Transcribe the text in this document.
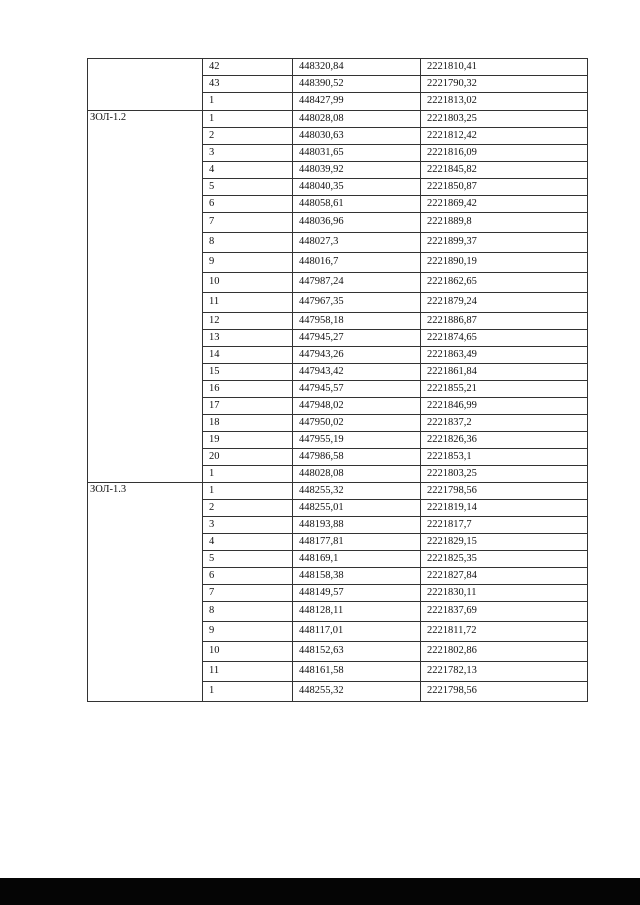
	42	448320,84	2221810,41
	43	448390,52	2221790,32
	1	448427,99	2221813,02
ЗОЛ-1.2	1	448028,08	2221803,25
	2	448030,63	2221812,42
	3	448031,65	2221816,09
	4	448039,92	2221845,82
	5	448040,35	2221850,87
	6	448058,61	2221869,42
	7	448036,96	2221889,8
	8	448027,3	2221899,37
	9	448016,7	2221890,19
	10	447987,24	2221862,65
	11	447967,35	2221879,24
	12	447958,18	2221886,87
	13	447945,27	2221874,65
	14	447943,26	2221863,49
	15	447943,42	2221861,84
	16	447945,57	2221855,21
	17	447948,02	2221846,99
	18	447950,02	2221837,2
	19	447955,19	2221826,36
	20	447986,58	2221853,1
	1	448028,08	2221803,25
ЗОЛ-1.3	1	448255,32	2221798,56
	2	448255,01	2221819,14
	3	448193,88	2221817,7
	4	448177,81	2221829,15
	5	448169,1	2221825,35
	6	448158,38	2221827,84
	7	448149,57	2221830,11
	8	448128,11	2221837,69
	9	448117,01	2221811,72
	10	448152,63	2221802,86
	11	448161,58	2221782,13
	1	448255,32	2221798,56
